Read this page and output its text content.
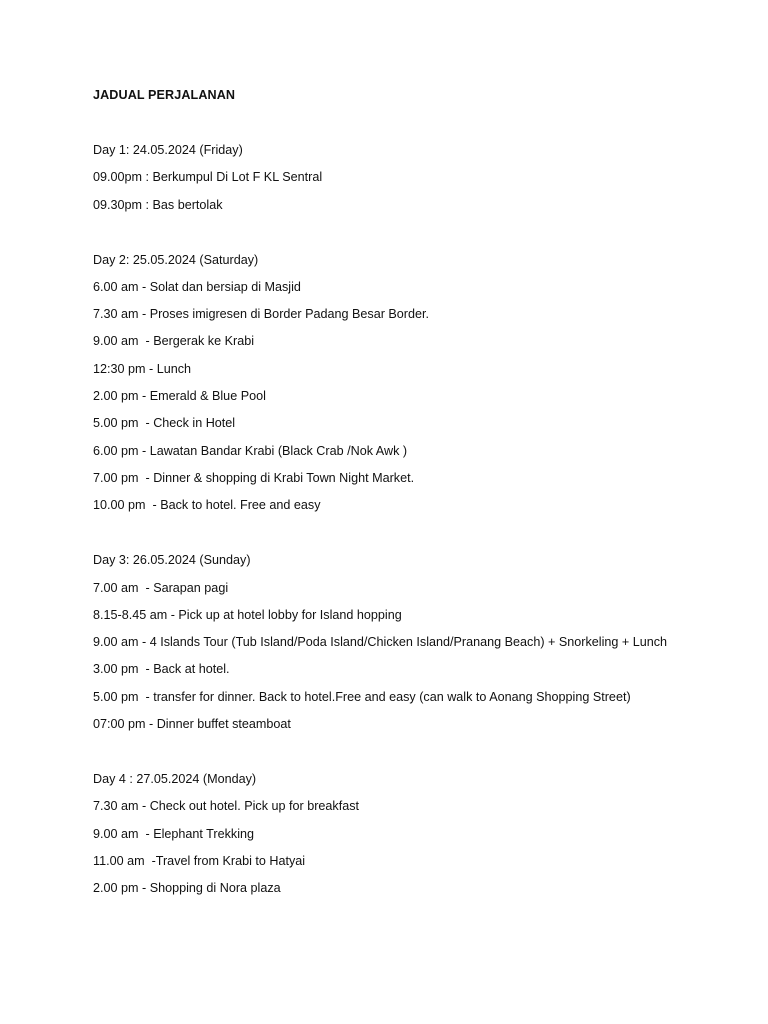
JADUAL PERJALANAN
Day 1: 24.05.2024 (Friday)
09.00pm : Berkumpul Di Lot F KL Sentral
09.30pm : Bas bertolak
Day 2: 25.05.2024 (Saturday)
6.00 am - Solat dan bersiap di Masjid
7.30 am - Proses imigresen di Border Padang Besar Border.
9.00 am  - Bergerak ke Krabi
12:30 pm - Lunch
2.00 pm - Emerald & Blue Pool
5.00 pm  - Check in Hotel
6.00 pm - Lawatan Bandar Krabi (Black Crab /Nok Awk )
7.00 pm  - Dinner & shopping di Krabi Town Night Market.
10.00 pm  - Back to hotel. Free and easy
Day 3: 26.05.2024 (Sunday)
7.00 am  - Sarapan pagi
8.15-8.45 am - Pick up at hotel lobby for Island hopping
9.00 am - 4 Islands Tour (Tub Island/Poda Island/Chicken Island/Pranang Beach) + Snorkeling + Lunch
3.00 pm  - Back at hotel.
5.00 pm  - transfer for dinner. Back to hotel.Free and easy (can walk to Aonang Shopping Street)
07:00 pm - Dinner buffet steamboat
Day 4 : 27.05.2024 (Monday)
7.30 am - Check out hotel. Pick up for breakfast
9.00 am  - Elephant Trekking
11.00 am  -Travel from Krabi to Hatyai
2.00 pm - Shopping di Nora plaza
